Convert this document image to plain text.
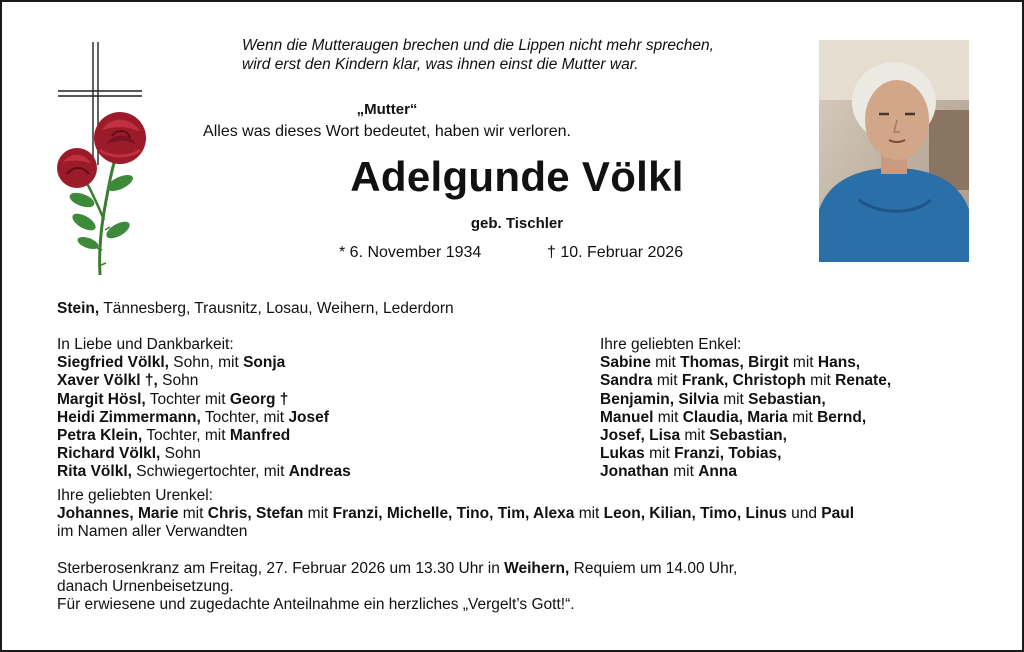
Wenn die Mutteraugen brechen und die Lippen nicht mehr sprechen,
wird erst den Kindern klar, was ihnen einst die Mutter war.
„Mutter“
Alles was dieses Wort bedeutet, haben wir verloren.
Adelgunde Völkl
geb. Tischler
* 6. November 1934	† 10. Februar 2026
Stein, Tännesberg, Trausnitz, Losau, Weihern, Lederdorn
In Liebe und Dankbarkeit:
Siegfried Völkl, Sohn, mit Sonja
Xaver Völkl †, Sohn
Margit Hösl, Tochter mit Georg †
Heidi Zimmermann, Tochter, mit Josef
Petra Klein, Tochter, mit Manfred
Richard Völkl, Sohn
Rita Völkl, Schwiegertochter, mit Andreas
Ihre geliebten Enkel:
Sabine mit Thomas, Birgit mit Hans,
Sandra mit Frank, Christoph mit Renate,
Benjamin, Silvia mit Sebastian,
Manuel mit Claudia, Maria mit Bernd,
Josef, Lisa mit Sebastian,
Lukas mit Franzi, Tobias,
Jonathan mit Anna
Ihre geliebten Urenkel:
Johannes, Marie mit Chris, Stefan mit Franzi, Michelle, Tino, Tim, Alexa mit Leon, Kilian, Timo, Linus und Paul
im Namen aller Verwandten
Sterberosenkranz am Freitag, 27. Februar 2026 um 13.30 Uhr in Weihern, Requiem um 14.00 Uhr,
danach Urnenbeisetzung.
Für erwiesene und zugedachte Anteilnahme ein herzliches „Vergelt’s Gott!“.
